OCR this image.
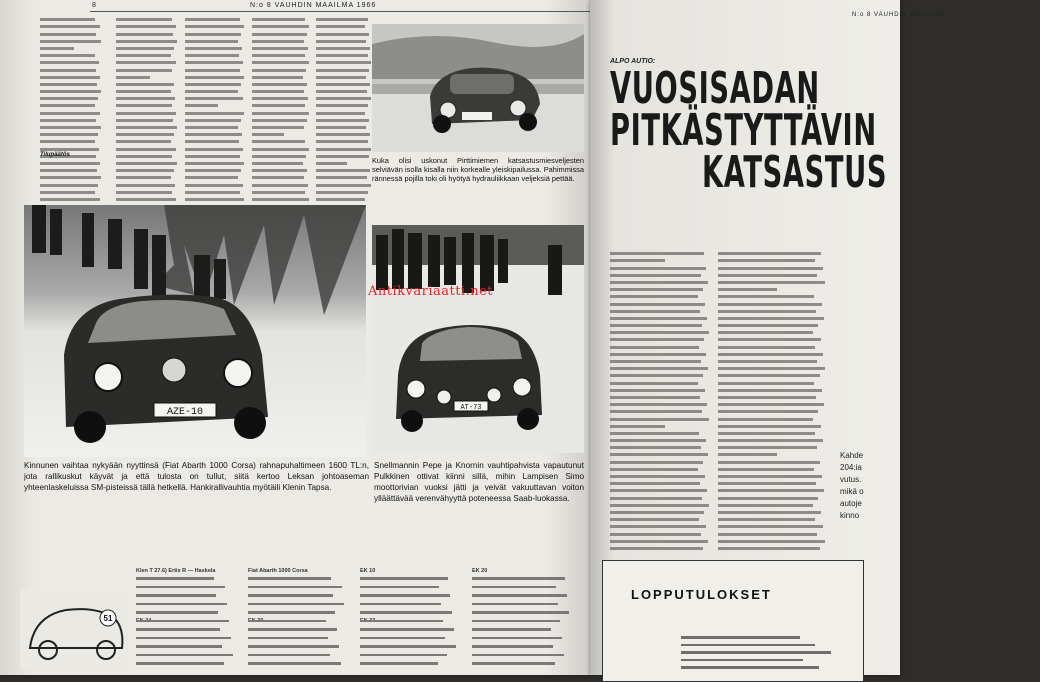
8	N:o 8 VAUHDIN MAAILMA 1966
Tilupäätös
Kuka olisi uskonut Pirttimiemen katsastusmiesveljesten selviävän isolla kisalla niin korkealle yleiskipailussa. Pahimmissa rännessä pojilla toki oli hyötyä hydrauliikkaan veljeksiä pettää.
AZE-10	AT-73
Kinnunen vaihtaa nykyään nyyttinsä (Fiat Abarth 1000 Corsa) rahnapuhaltimeen 1600 TL:n, jota rallikuskut käyvät ja että tulosta on tullut, siitä kertoo Leksan johtoaseman yhteenlaskeluissa SM-pisteissä tällä hetkellä. Hankirallivauhtia myötäili Klenin Tapsa.
Snellmannin Pepe ja Knornin vauhtipahvista vapautunut Pulkkinen ottivat kiinni sillä, mihin Lampisen Simo moottorivian vuoksi jätti ja veivät vakuuttavan voiton ylläättävää verenvähyyttä poteneessa Saab-luokassa.
51
Klen T 27.6) Ertis R — Haskela	Fiat Abarth 1000 Corsa	EK 10	EK 20
Antikvariaatti.net
N:o 8 VAUHDIN MAAILMA
ALPO AUTIO:
VUOSISADAN
PITKÄSTYTTÄVIN
KATSASTUS
Kahde
204:ia
vutus.
mikä o
autoje
kinno
LOPPUTULOKSET
